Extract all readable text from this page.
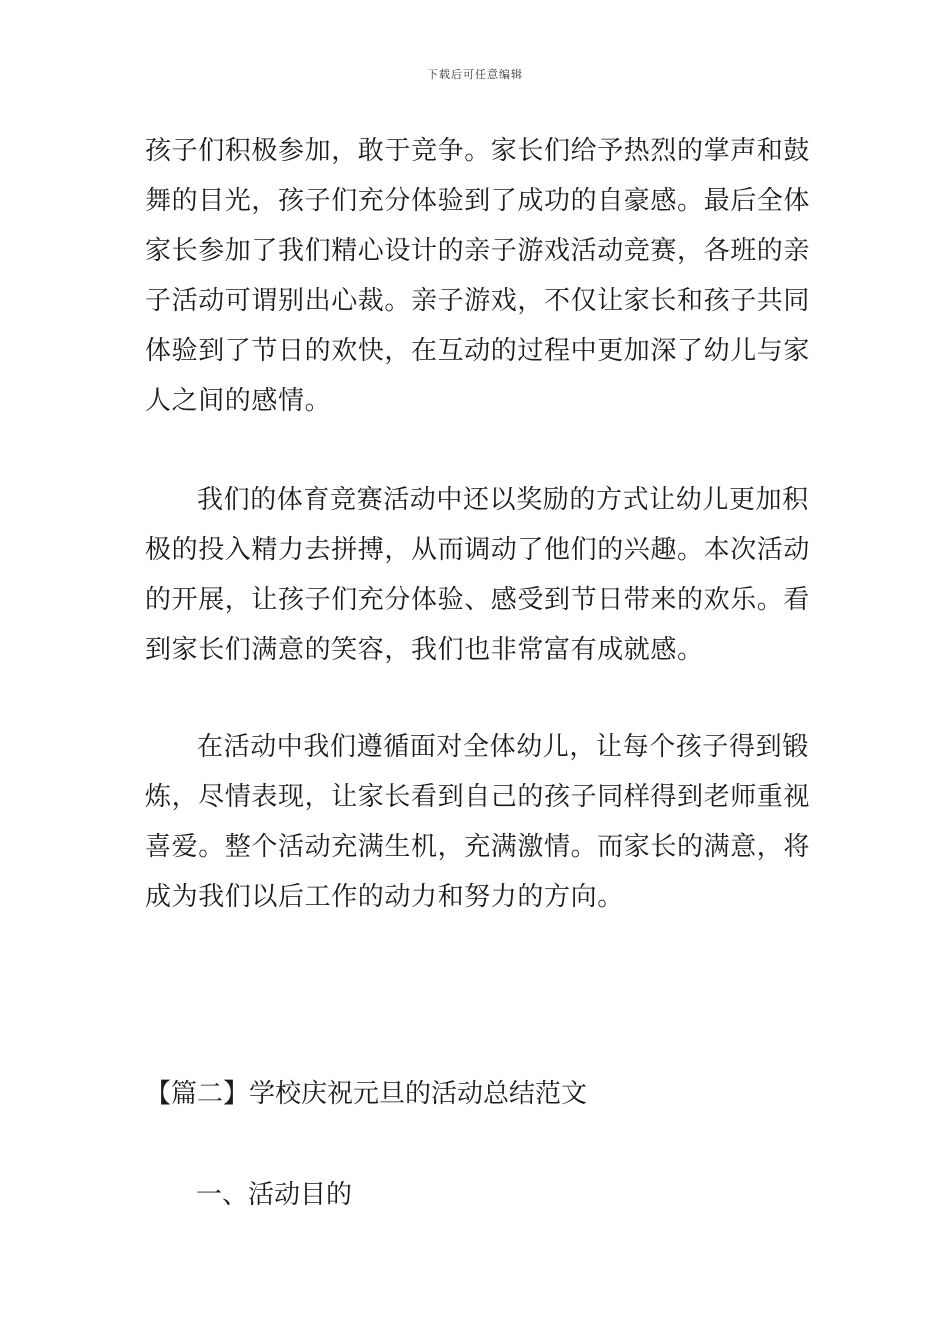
下载后可任意编辑

孩子们积极参加，敢于竞争。家长们给予热烈的掌声和鼓舞的目光，孩子们充分体验到了成功的自豪感。最后全体家长参加了我们精心设计的亲子游戏活动竞赛，各班的亲子活动可谓别出心裁。亲子游戏，不仅让家长和孩子共同体验到了节日的欢快，在互动的过程中更加深了幼儿与家人之间的感情。

我们的体育竞赛活动中还以奖励的方式让幼儿更加积极的投入精力去拼搏，从而调动了他们的兴趣。本次活动的开展，让孩子们充分体验、感受到节日带来的欢乐。看到家长们满意的笑容，我们也非常富有成就感。

在活动中我们遵循面对全体幼儿，让每个孩子得到锻炼，尽情表现，让家长看到自己的孩子同样得到老师重视喜爱。整个活动充满生机，充满激情。而家长的满意，将成为我们以后工作的动力和努力的方向。

【篇二】学校庆祝元旦的活动总结范文
一、活动目的
